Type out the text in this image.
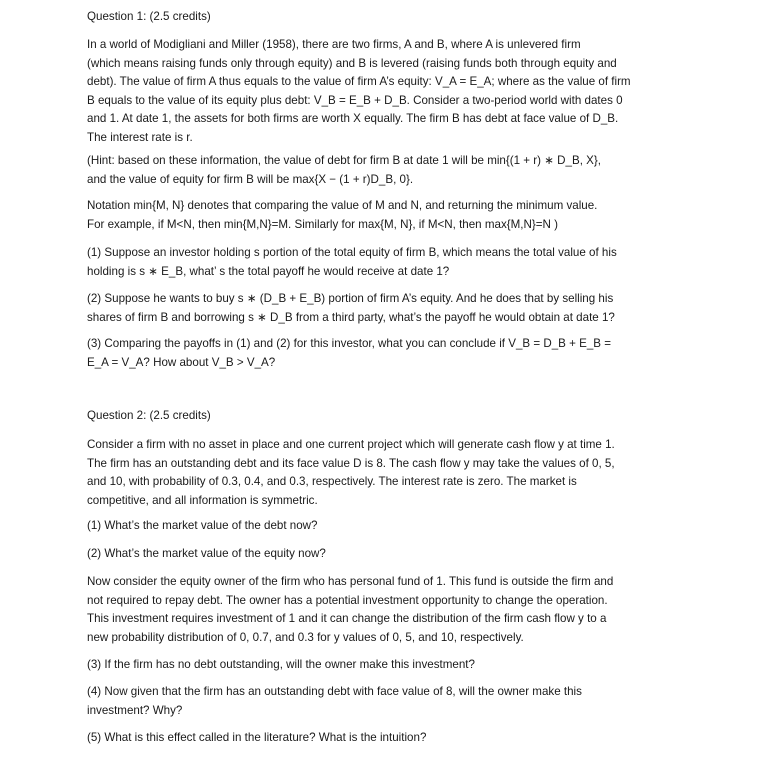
Question 1: (2.5 credits)

In a world of Modigliani and Miller (1958), there are two firms, A and B, where A is unlevered firm

(which means raising funds only through equity) and B is levered (raising funds both through equity and

debt). The value of firm A thus equals to the value of firm A’s equity: V_A = E_A; where as the value of firm

B equals to the value of its equity plus debt: V_B = E_B + D_B. Consider a two-period world with dates 0

and 1. At date 1, the assets for both firms are worth X equally. The firm B has debt at face value of D_B.

The interest rate is r.

(Hint: based on these information, the value of debt for firm B at date 1 will be min{(1 + r) ∗ D_B, X},

and the value of equity for firm B will be max{X − (1 + r)D_B, 0}.

Notation min{M, N} denotes that comparing the value of M and N, and returning the minimum value.

For example, if M<N, then min{M,N}=M. Similarly for max{M, N}, if M<N, then max{M,N}=N )

(1) Suppose an investor holding s portion of the total equity of firm B, which means the total value of his

holding is s ∗ E_B, what’ s the total payoff he would receive at date 1?

(2) Suppose he wants to buy s ∗ (D_B + E_B) portion of firm A’s equity. And he does that by selling his

shares of firm B and borrowing s ∗ D_B from a third party, what’s the payoff he would obtain at date 1?

(3) Comparing the payoffs in (1) and (2) for this investor, what you can conclude if V_B = D_B + E_B =

E_A = V_A? How about V_B > V_A?

Question 2: (2.5 credits)

Consider a firm with no asset in place and one current project which will generate cash flow y at time 1.

The firm has an outstanding debt and its face value D is 8. The cash flow y may take the values of 0, 5,

and 10, with probability of 0.3, 0.4, and 0.3, respectively. The interest rate is zero. The market is

competitive, and all information is symmetric.

(1) What’s the market value of the debt now?
(2) What’s the market value of the equity now?

Now consider the equity owner of the firm who has personal fund of 1. This fund is outside the firm and

not required to repay debt. The owner has a potential investment opportunity to change the operation.

This investment requires investment of 1 and it can change the distribution of the firm cash flow y to a

new probability distribution of 0, 0.7, and 0.3 for y values of 0, 5, and 10, respectively.

(3) If the firm has no debt outstanding, will the owner make this investment?

(4) Now given that the firm has an outstanding debt with face value of 8, will the owner make this

investment? Why?

(5) What is this effect called in the literature? What is the intuition?
